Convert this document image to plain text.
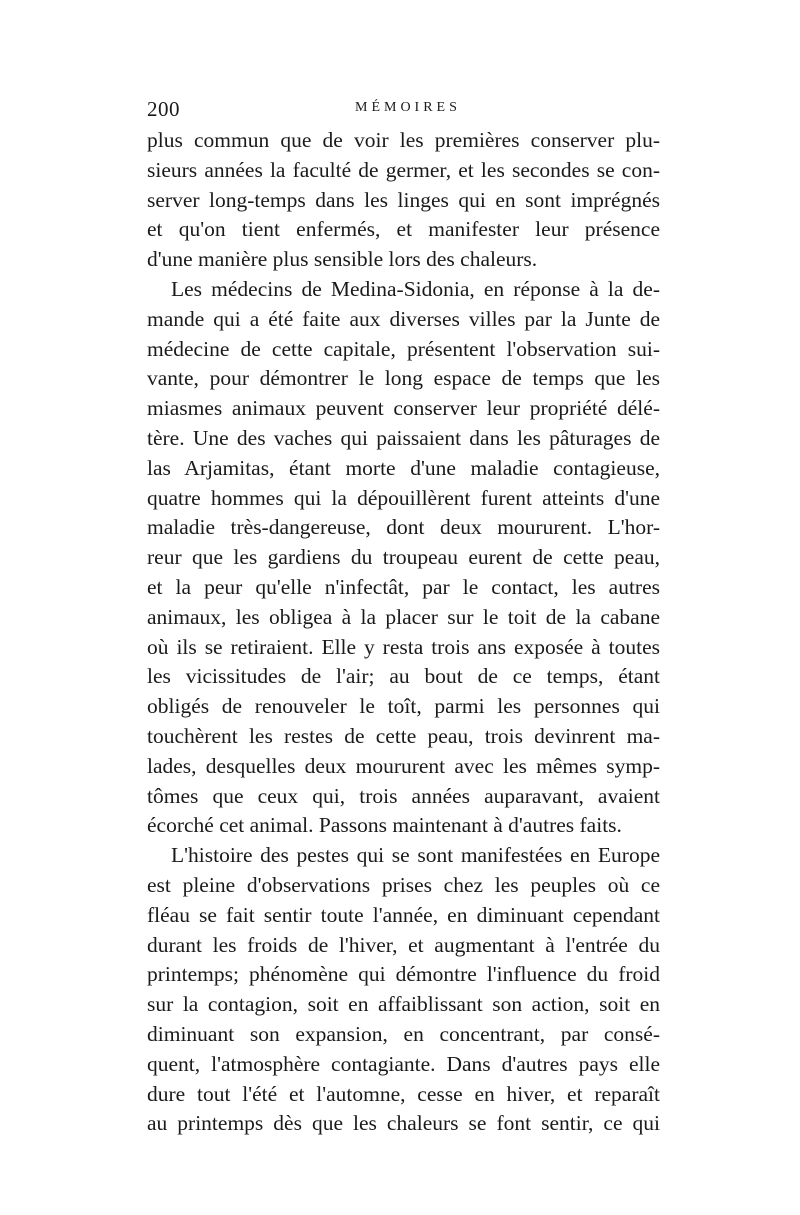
200	MÉMOIRES
plus commun que de voir les premières conserver plu-
sieurs années la faculté de germer, et les secondes se con-
server long-temps dans les linges qui en sont imprégnés
et qu'on tient enfermés, et manifester leur présence
d'une manière plus sensible lors des chaleurs.
Les médecins de Medina-Sidonia, en réponse à la de-
mande qui a été faite aux diverses villes par la Junte de
médecine de cette capitale, présentent l'observation sui-
vante, pour démontrer le long espace de temps que les
miasmes animaux peuvent conserver leur propriété délé-
tère. Une des vaches qui paissaient dans les pâturages de
las Arjamitas, étant morte d'une maladie contagieuse,
quatre hommes qui la dépouillèrent furent atteints d'une
maladie très-dangereuse, dont deux moururent. L'hor-
reur que les gardiens du troupeau eurent de cette peau,
et la peur qu'elle n'infectât, par le contact, les autres
animaux, les obligea à la placer sur le toit de la cabane
où ils se retiraient. Elle y resta trois ans exposée à toutes
les vicissitudes de l'air; au bout de ce temps, étant
obligés de renouveler le toît, parmi les personnes qui
touchèrent les restes de cette peau, trois devinrent ma-
lades, desquelles deux moururent avec les mêmes symp-
tômes que ceux qui, trois années auparavant, avaient
écorché cet animal. Passons maintenant à d'autres faits.
L'histoire des pestes qui se sont manifestées en Europe
est pleine d'observations prises chez les peuples où ce
fléau se fait sentir toute l'année, en diminuant cependant
durant les froids de l'hiver, et augmentant à l'entrée du
printemps; phénomène qui démontre l'influence du froid
sur la contagion, soit en affaiblissant son action, soit en
diminuant son expansion, en concentrant, par consé-
quent, l'atmosphère contagiante. Dans d'autres pays elle
dure tout l'été et l'automne, cesse en hiver, et reparaît
au printemps dès que les chaleurs se font sentir, ce qui
